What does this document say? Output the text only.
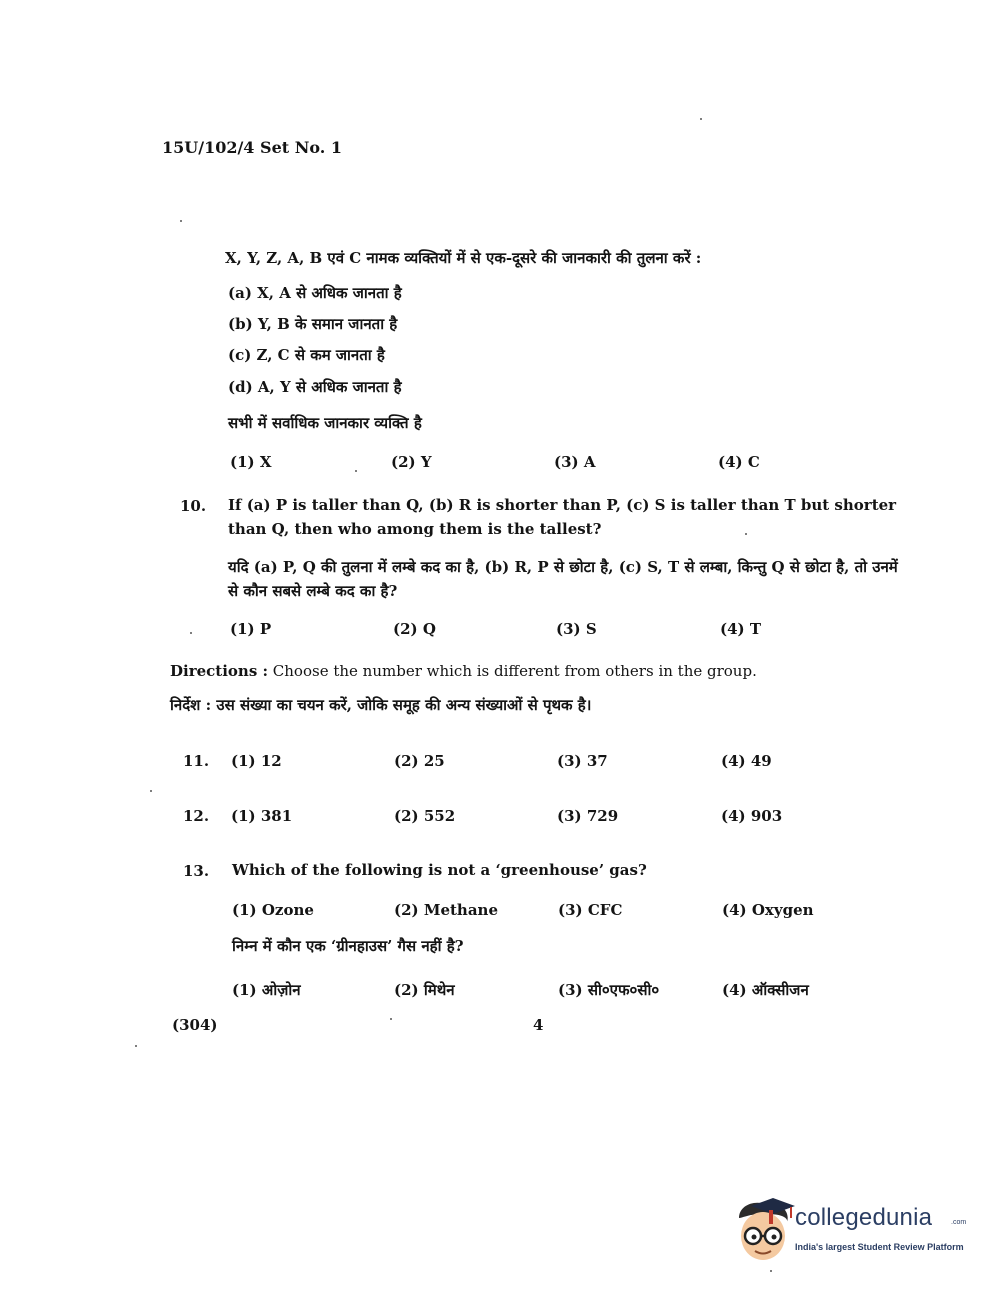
15U/102/4 Set No. 1
X, Y, Z, A, B एवं C नामक व्यक्तियों में से एक-दूसरे की जानकारी की तुलना करें :
(a) X, A से अधिक जानता है
(b) Y, B के समान जानता है
(c) Z, C से कम जानता है
(d) A, Y से अधिक जानता है
सभी में सर्वाधिक जानकार व्यक्ति है
(1) X	(2) Y	(3) A	(4) C
10. If (a) P is taller than Q, (b) R is shorter than P, (c) S is taller than T but shorter than Q, then who among them is the tallest?
यदि (a) P, Q की तुलना में लम्बे कद का है, (b) R, P से छोटा है, (c) S, T से लम्बा, किन्तु Q से छोटा है, तो उनमें से कौन सबसे लम्बे कद का है?
(1) P	(2) Q	(3) S	(4) T
Directions : Choose the number which is different from others in the group.
निर्देश : उस संख्या का चयन करें, जोकि समूह की अन्य संख्याओं से पृथक है।
11. (1) 12	(2) 25	(3) 37	(4) 49
12. (1) 381	(2) 552	(3) 729	(4) 903
13. Which of the following is not a ‘greenhouse’ gas?
(1) Ozone	(2) Methane	(3) CFC	(4) Oxygen
निम्न में कौन एक ‘ग्रीनहाउस’ गैस नहीं है?
(1) ओज़ोन	(2) मिथेन	(3) सी०एफ०सी०	(4) ऑक्सीजन
(304)	4
collegedunia	.com
India's largest Student Review Platform
